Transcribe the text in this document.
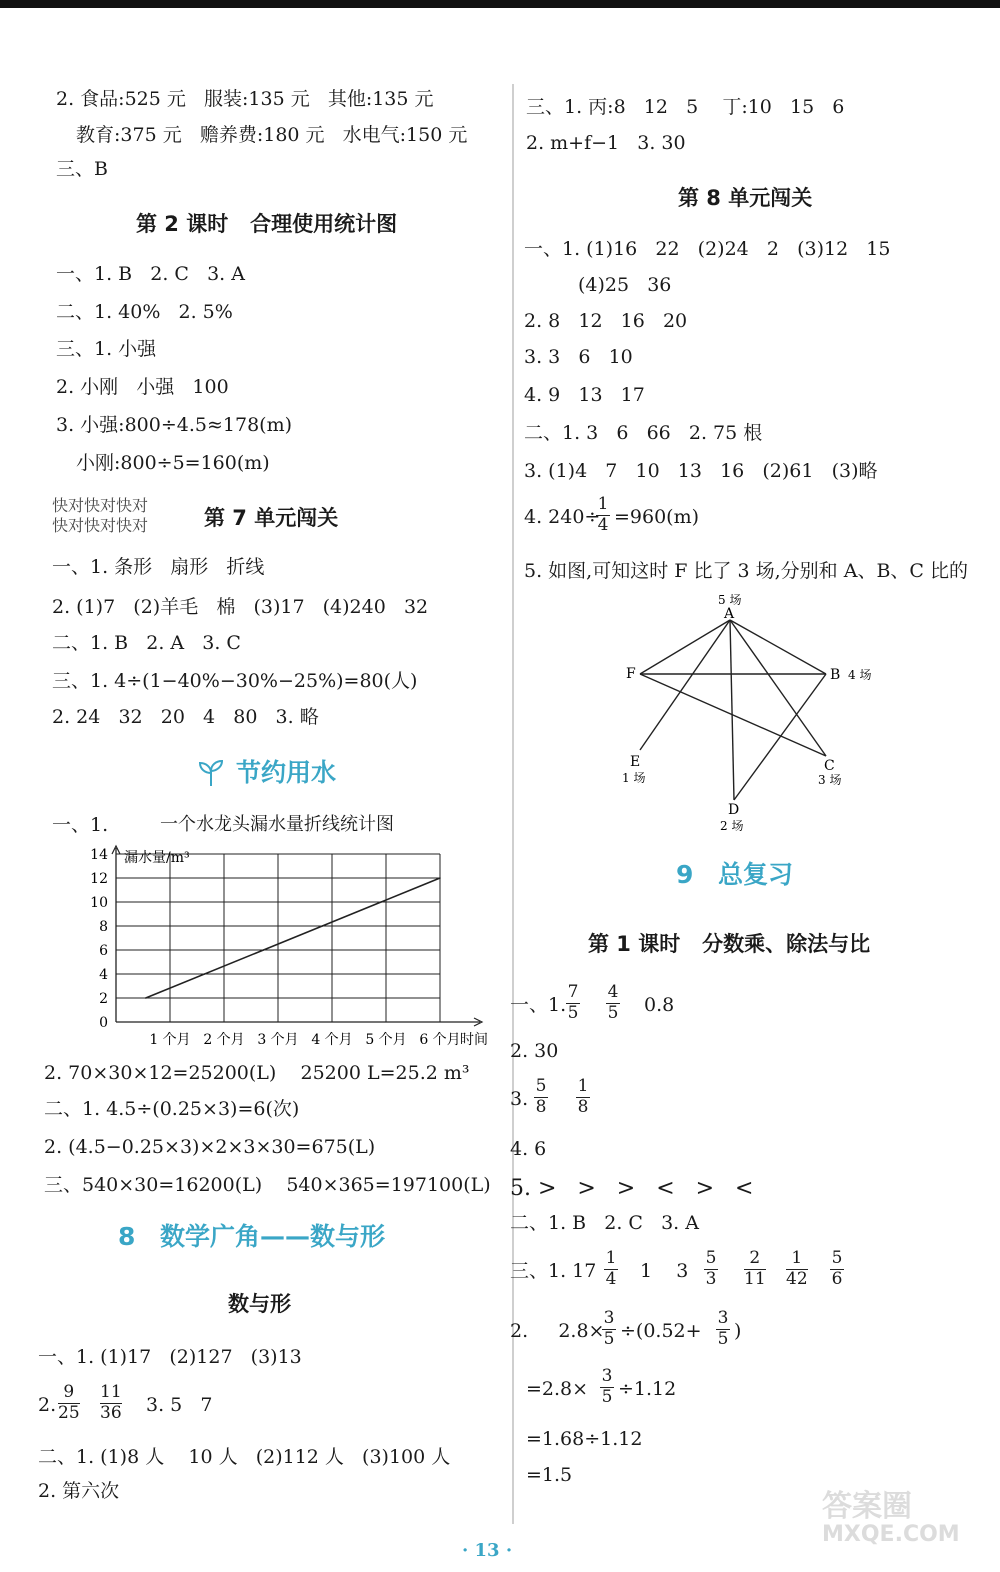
2. 食品:525 元   服装:135 元   其他:135 元
教育:375 元   赡养费:180 元   水电气:150 元
三、B
第 2 课时   合理使用统计图
一、1. B   2. C   3. A
二、1. 40%   2. 5%
三、1. 小强
2. 小刚   小强   100
3. 小强:800÷4.5≈178(m)
小刚:800÷5=160(m)
快对快对快对
快对快对快对	第 7 单元闯关
一、1. 条形   扇形   折线
2. (1)7   (2)羊毛   棉   (3)17   (4)240   32
二、1. B   2. A   3. C
三、1. 4÷(1−40%−30%−25%)=80(人)
2. 24   32   20   4   80   3. 略
节约用水
一、1.	一个水龙头漏水量折线统计图
0
2
4
6
8
10
12
14 漏水量/m³
1 个月 2 个月 3 个月 4 个月 5 个月 6 个月 时间
2. 70×30×12=25200(L)    25200 L=25.2 m³
二、1. 4.5÷(0.25×3)=6(次)
2. (4.5−0.25×3)×2×3×30=675(L)
三、540×30=16200(L)    540×365=197100(L)
8 数学广角——数与形
数与形
一、1. (1)17   (2)127   (3)13
2.
9
25
11
36 3. 5   7
二、1. (1)8 人    10 人   (2)112 人   (3)100 人
2. 第六次
三、1. 丙:8   12   5    丁:10   15   6
2. m+f−1   3. 30
第 8 单元闯关
一、1. (1)16   22   (2)24   2   (3)12   15
(4)25   36
2. 8   12   16   20
3. 3   6   10
4. 9   13   17
二、1. 3   6   66   2. 75 根
3. (1)4   7   10   13   16   (2)61   (3)略
4. 240÷
1
4 =960(m)
5. 如图,可知这时 F 比了 3 场,分别和 A、B、C 比的
A
5 场
B 4 场
C
3 场
D
2 场
E
1 场
F
9 总复习
第 1 课时   分数乘、除法与比
一、1.
7
5
4
5 0.8
2. 30
3.
5
8
1
8
4. 6
5. >   >   >   <   >   <
二、1. B   2. C   3. A
三、1. 17
1
4 1    3
5
3
2
11
1
42
5
6
2.     2.8×
3
5 ÷(0.52+
3
5 )
=2.8×
3
5 ÷1.12
=1.68÷1.12
=1.5
· 13 ·
答案圈
MXQE.COM
